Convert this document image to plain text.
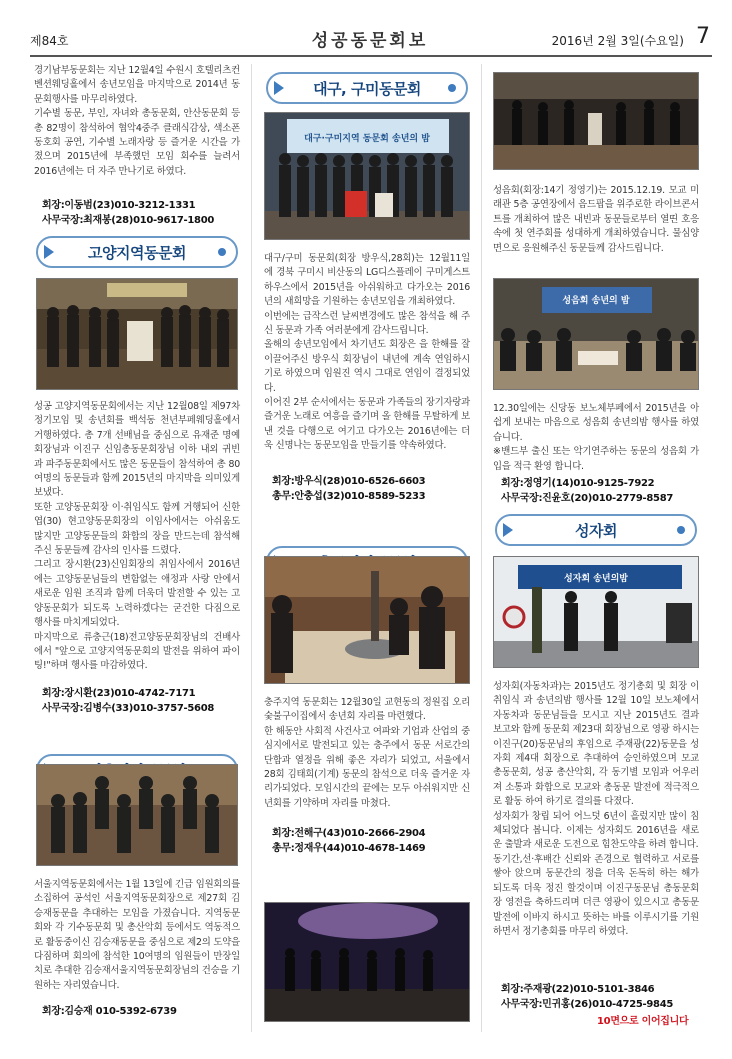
제84호	성공동문회보	2016년 2월 3일(수요일) 7

경기남부동문회는 지난 12월4일 수원시 호텔리츠컨벤션웨딩홀에서 송년모임을 마지막으로 2014년 동문회행사를 마무리하였다.
기수별 동문, 부인, 자녀와 총동문회, 안산동문회 등 총 82명이 참석하여 협악4중주 클래식감상, 색소폰동호회 공연, 기수별 노래자랑 등 즐거운 시간을 가졌으며 2015년에 부족했던 모임 회수를 늘려서 2016년에는 더 자주 만나기로 하였다.

회장:이동범(23)010-3212-1331
사무국장:최재봉(28)010-9617-1800
고양지역동문회

성공 고양지역동문회에서는 지난 12월08일 제97차 정기모임 및 송년회를 백석동 천년부페웨딩홀에서 거행하였다. 총 7개 선배님을 중심으로 유재준 명예회장님과 이진구 신임총동문회장님 이하 내외 귀빈과 파주동문회에서도 많은 동문들이 참석하여 총 80여명의 동문들과 함께 2015년의 마지막을 의미있게 보냈다.
또한 고양동문회장 이·취임식도 함께 거행되어 신한엽(30) 현고양동문회장의 이임사에서는 아쉬움도 많지만 고양동문들의 화합의 장을 만드는데 참석해주신 동문들께 감사의 인사를 드렸다.
그리고 장시환(23)신임회장의 취임사에서 2016년에는 고양동문님들의 변함없는 애정과 사랑 안에서 새로운 임원 조직과 함께 더욱더 발전할 수 있는 고양동문회가 되도록 노력하겠다는 굳건한 다짐으로 행사를 마치게되었다.
마지막으로 류충근(18)전고양동문회장님의 건배사에서 "앞으로 고양지역동문회의 발전을 위하여 파이팅!"하며 행사를 마감하였다.

회장:장시환(23)010-4742-7171
사무국장:김병수(33)010-3757-5608

서울지역동문회에서는 1월 13일에 긴급 임원회의를 소집하여 공석인 서울지역동문회장으로 제27회 김승재동문을 추대하는 모임을 가졌습니다. 지역동문회와 각 기수동문회 및 총산악회 등에서도 역동적으로 활동중이신 김승재동문을 중심으로 제2의 도약을 다짐하며 회의에 참석한 10여명의 임원들이 만장일치로 추대한 김승재서울지역동문회장님의 건승을 기원하는 자리였습니다.

회장:김승재 010-5392-6739
대구, 구미동문회
대구·구미지역 동문회 송년의 밤

대구/구미 동문회(회장 방우식,28회)는 12월11일에 경북 구미시 비산동의 LG디스플레이 구미게스트하우스에서 2015년을 아쉬워하고 다가오는 2016년의 새희망을 기원하는 송년모임을 개최하였다.
이번에는 급작스런 날씨변경에도 많은 참석을 해 주신 동문과 가족 여러분에게 감사드립니다.
올해의 송년모임에서 차기년도 회장은 을 한해를 잘 이끌어주신 방우식 회장님이 내년에 계속 연임하시기로 하였으며 임원진 역시 그대로 연임이 결정되었다.
이어진 2부 순서에서는 동문과 가족들의 장기자랑과 즐거운 노래로 여흥을 즐기며 올 한해를 무탈하게 보낸 것을 다행으로 여기고 다가오는 2016년에는 더욱 신명나는 동문모임을 만들기를 약속하였다.

회장:방우식(28)010-6526-6603
총무:안충섭(32)010-8589-5233

충주지역 동문회는 12월30일 교현동의 정원집 오리숯불구이집에서 송년회 자리를 마련했다.
한 해동안 사회적 사건사고 여파와 기업과 산업의 중심지에서로 발전되고 있는 충주에서 동문 서로간의 단합과 열정을 위해 좋은 자리가 되었고, 서울에서 28회 김태희(기계) 동문의 참석으로 더욱 즐거운 자리가되었다. 모임시간의 끝에는 모두 아쉬워지만 신년회를 기약하며 자리를 마쳤다.

회장:전해구(43)010-2666-2904
총무:정재우(44)010-4678-1469

성음회(회장:14기 정영기)는 2015.12.19. 모교 미래관 5층 공연장에서 음드팝을 위주로한 라이브콘서트를 개최하여 많은 내빈과 동문들로부터 열띤 호응속에 첫 연주회를 성대하게 개최하였습니다. 물심양면으로 응원해주신 동문들께 감사드립니다.

성음회 송년의 밤

12.30일에는 신당동 보노체부페에서 2015년을 아쉽게 보내는 마음으로 성음회 송년의밤 행사를 하였습니다.
※밴드부 출신 또는 악기연주하는 동문의 성음회 가입을 적극 환영 합니다.

회장:정영기(14)010-9125-7922
사무국장:진윤호(20)010-2779-8587
성자회
성자회 송년의밤

성자회(자동차과)는 2015년도 정기총회 및 회장 이취임식 과 송년의밤 행사를 12월 10일 보노체에서 자동차과 동문님들을 모시고 지난 2015년도 결과 보고와 함께 동문회 제23대 회장님으로 영광 하시는 이진구(20)동문님의 후임으로 주재광(22)동문을 성자회 제4대 회장으로 추대하여 승인하였으며 모교 총동문회, 성공 총산악회, 각 동기별 모임과 어우러져 소통과 화합으로 모교와 총동문 발전에 적극적으로 활동 하여 하기로 결의를 다졌다.
성자회가 창립 되어 어느덧 6년이 흘렀지만 많이 침체되었다 봅니다. 이제는 성자회도 2016년을 새로운 출발과 새로운 도전으로 힘찬도약을 하려 합니다.
동기간,선·후배간 신뢰와 존경으로 협력하고 서로를 쌓아 앉으며 동문간의 정을 더욱 돈독히 하는 해가 되도록 더욱 정진 할것이며 이진구동문님 총동문회장 영전을 축하드리며 더큰 영광이 있으시고 총동문 발전에 이바지 하시고 뜻하는 바를 이루시기를 기원하면서 정기총회를 마무리 하였다.

회장:주재광(22)010-5101-3846
사무국장:민귀홍(26)010-4725-9845
10면으로 이어집니다
